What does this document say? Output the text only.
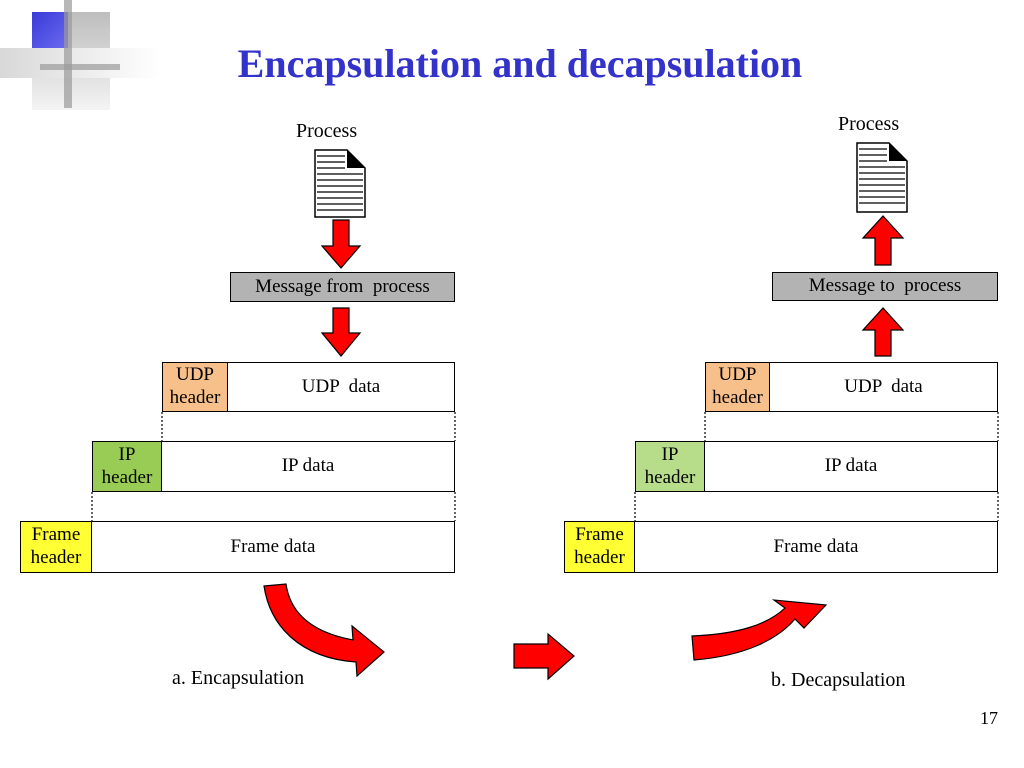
Encapsulation and decapsulation
Process
Message from  process
UDP header
UDP  data
IP header
IP data
Frame header
Frame data
a. Encapsulation
Process
Message to  process
UDP header
UDP  data
IP header
IP data
Frame header
Frame data
b. Decapsulation
17
